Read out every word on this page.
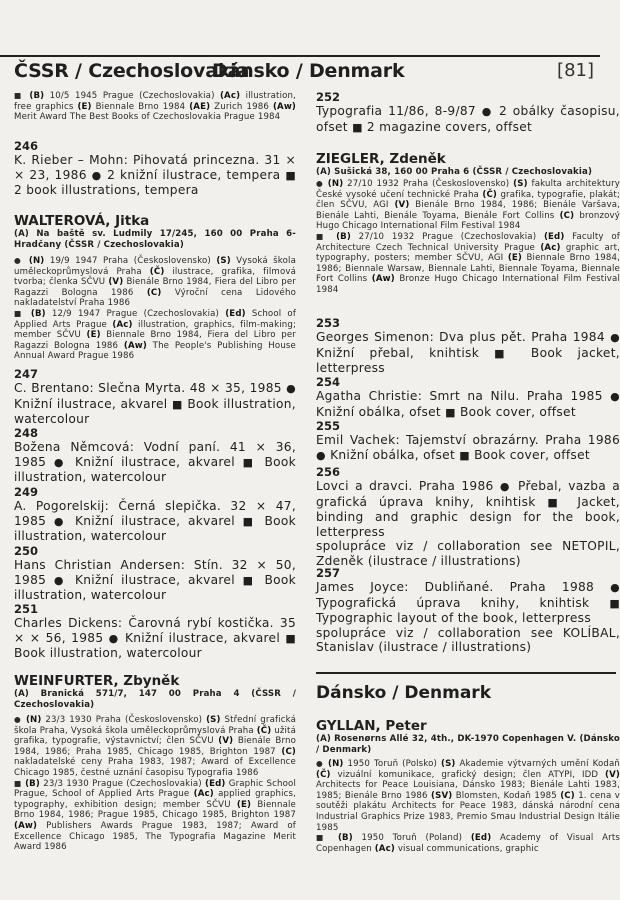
ČSSR / Czechoslovakia
Dánsko / Denmark	[81]

■ (B) 10/5 1945 Prague (Czechoslovakia) (Ac) illustration, free graphics (E) Biennale Brno 1984 (AE) Zurich 1986 (Aw) Merit Award The Best Books of Czechoslovakia Prague 1984

246

K. Rieber – Mohn: Pihovatá princezna. 31 × × 23, 1986 ● 2 knižní ilustrace, tempera ■ 2 book illustrations, tempera

WALTEROVÁ, Jitka
(A) Na baště sv. Ludmily 17/245, 160 00 Praha 6-Hradčany (ČSSR / Czechoslovakia)

● (N) 19/9 1947 Praha (Československo) (S) Vysoká škola uměleckoprůmyslová Praha (Č) ilustrace, grafika, filmová tvorba; členka SČVU (V) Bienále Brno 1984, Fiera del Libro per Ragazzi Bologna 1986 (C) Výroční cena Lidového nakladatelství Praha 1986

■ (B) 12/9 1947 Prague (Czechoslovakia) (Ed) School of Applied Arts Prague (Ac) illustration, graphics, film-making; member SČVU (E) Biennale Brno 1984, Fiera del Libro per Ragazzi Bologna 1986 (Aw) The People's Publishing House Annual Award Prague 1986

247

C. Brentano: Slečna Myrta. 48 × 35, 1985 ● Knižní ilustrace, akvarel ■ Book illustration, watercolour

248

Božena Němcová: Vodní paní. 41 × 36, 1985 ● Knižní ilustrace, akvarel ■ Book illustration, watercolour

249

A. Pogorelskij: Černá slepička. 32 × 47, 1985 ● Knižní ilustrace, akvarel ■ Book illustration, watercolour

250

Hans Christian Andersen: Stín. 32 × 50, 1985 ● Knižní ilustrace, akvarel ■ Book illustration, watercolour

251

Charles Dickens: Čarovná rybí kostička. 35 × × 56, 1985 ● Knižní ilustrace, akvarel ■ Book illustration, watercolour

WEINFURTER, Zbyněk
(A) Branická 571/7, 147 00 Praha 4 (ČSSR / Czechoslovakia)

● (N) 23/3 1930 Praha (Československo) (S) Střední grafická škola Praha, Vysoká škola uměleckoprůmyslová Praha (Č) užitá grafika, typografie, výstavnictví; člen SČVU (V) Bienále Brno 1984, 1986; Praha 1985, Chicago 1985, Brighton 1987 (C) nakladatelské ceny Praha 1983, 1987; Award of Excellence Chicago 1985, čestné uznání časopisu Typografia 1986

■ (B) 23/3 1930 Prague (Czechoslovakia) (Ed) Graphic School Prague, School of Applied Arts Prague (Ac) applied graphics, typography, exhibition design; member SČVU (E) Biennale Brno 1984, 1986; Prague 1985, Chicago 1985, Brighton 1987 (Aw) Publishers Awards Prague 1983, 1987; Award of Excellence Chicago 1985, The Typografia Magazine Merit Award 1986

252

Typografia 11/86, 8-9/87 ● 2 obálky časopisu, ofset ■ 2 magazine covers, offset

ZIEGLER, Zdeněk
(A) Sušická 38, 160 00 Praha 6 (ČSSR / Czechoslovakia)

● (N) 27/10 1932 Praha (Československo) (S) fakulta architektury České vysoké učení technické Praha (Č) grafika, typografie, plakát; člen SČVU, AGI (V) Bienále Brno 1984, 1986; Bienále Varšava, Bienále Lahti, Bienále Toyama, Bienále Fort Collins (C) bronzový Hugo Chicago International Film Festival 1984

■ (B) 27/10 1932 Prague (Czechoslovakia) (Ed) Faculty of Architecture Czech Technical University Prague (Ac) graphic art, typography, posters; member SČVU, AGI (E) Biennale Brno 1984, 1986; Biennale Warsaw, Biennale Lahti, Biennale Toyama, Biennale Fort Collins (Aw) Bronze Hugo Chicago International Film Festival 1984

253

Georges Simenon: Dva plus pět. Praha 1984 ● Knižní přebal, knihtisk ■ Book jacket, letterpress

254

Agatha Christie: Smrt na Nilu. Praha 1985 ● Knižní obálka, ofset ■ Book cover, offset

255

Emil Vachek: Tajemství obrazárny. Praha 1986 ● Knižní obálka, ofset ■ Book cover, offset

256

Lovci a dravci. Praha 1986 ● Přebal, vazba a grafická úprava knihy, knihtisk ■ Jacket, binding and graphic design for the book, letterpress

spolupráce viz / collaboration see NETOPIL, Zdeněk (ilustrace / illustrations)

257

James Joyce: Dubliňané. Praha 1988 ● Typografická úprava knihy, knihtisk ■ Typographic layout of the book, letterpress

spolupráce viz / collaboration see KOLÍBAL, Stanislav (ilustrace / illustrations)

Dánsko / Denmark
GYLLAN, Peter
(A) Rosenørns Allé 32, 4th., DK-1970 Copenhagen V. (Dánsko / Denmark)

● (N) 1950 Toruň (Polsko) (S) Akademie výtvarných umění Kodaň (Č) vizuální komunikace, grafický design; člen ATYPI, IDD (V) Architects for Peace Louisiana, Dánsko 1983; Bienále Lahti 1983, 1985; Bienále Brno 1986 (SV) Blomsten, Kodaň 1985 (C) 1. cena v soutěži plakátu Architects for Peace 1983, dánská národní cena Industrial Graphics Prize 1983, Premio Smau Industrial Design Itálie 1985

■ (B) 1950 Toruň (Poland) (Ed) Academy of Visual Arts Copenhagen (Ac) visual communications, graphic
